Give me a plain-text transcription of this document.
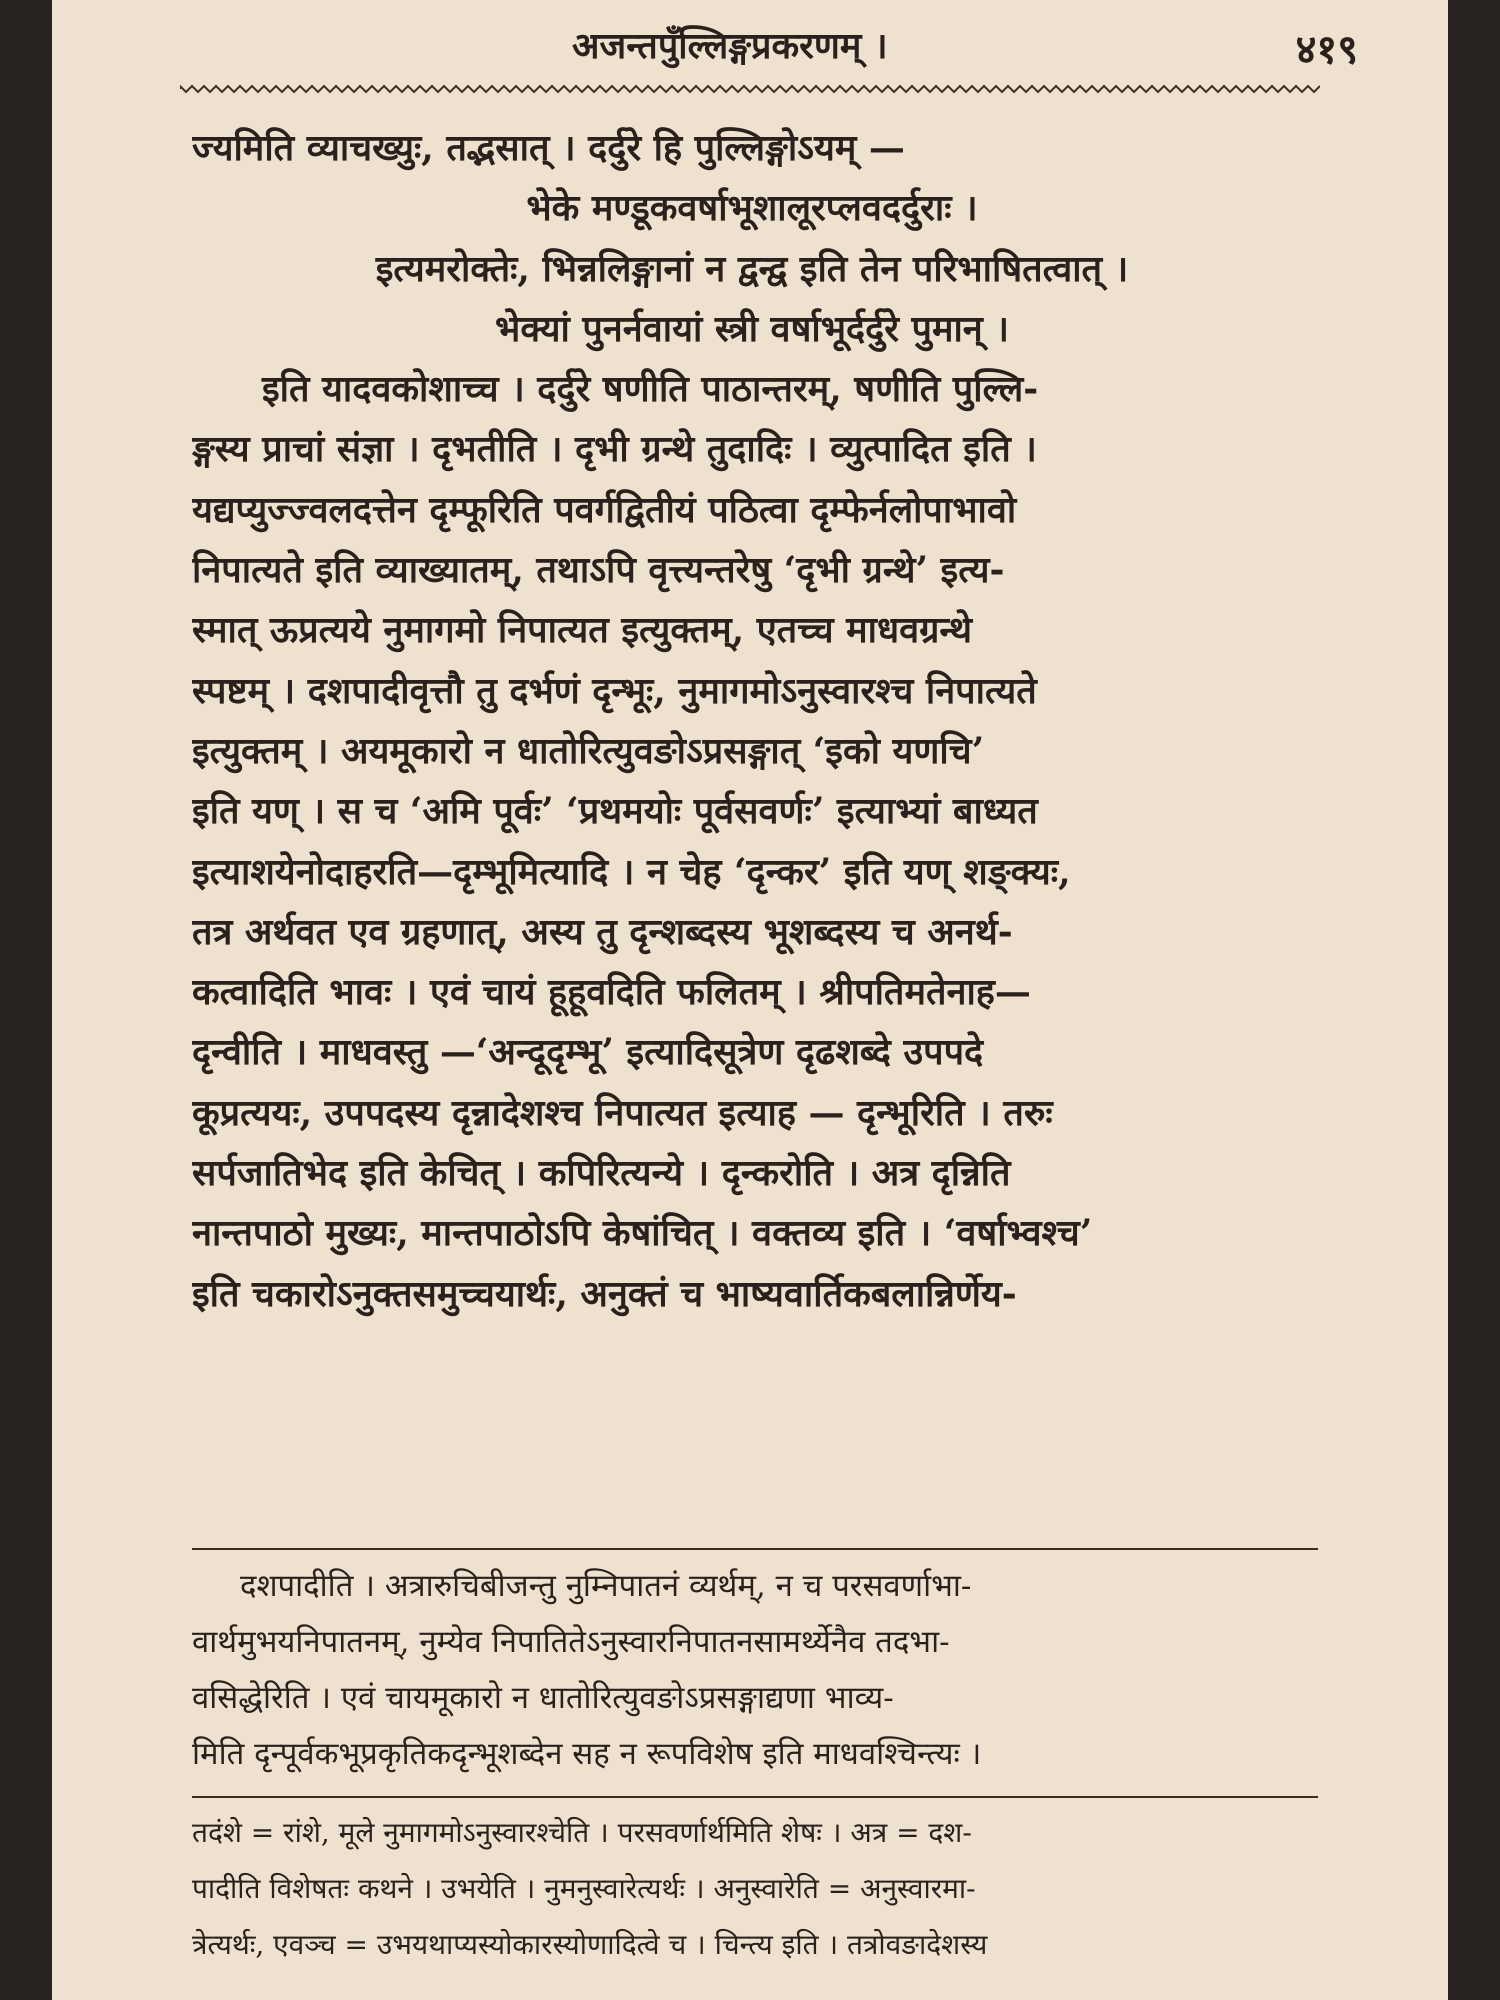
अजन्तपुँल्लिङ्गप्रकरणम् ।	४१९
ज्यमिति व्याचख्युः, तद्भसात् । दर्दुरे हि पुल्लिङ्गोऽयम् —
भेके मण्डूकवर्षाभूशालूरप्लवदर्दुराः ।
इत्यमरोक्तेः, भिन्नलिङ्गानां न द्वन्द्व इति तेन परिभाषितत्वात् ।
भेक्यां पुनर्नवायां स्त्री वर्षाभूर्दर्दुरे पुमान् ।
इति यादवकोशाच्च । दर्दुरे षणीति पाठान्तरम्, षणीति पुल्लि-
ङ्गस्य प्राचां संज्ञा । दृभतीति । दृभी ग्रन्थे तुदादिः । व्युत्पादित इति ।
यद्यप्युज्ज्वलदत्तेन दृम्फूरिति पवर्गद्वितीयं पठित्वा दृम्फेर्नलोपाभावो
निपात्यते इति व्याख्यातम्, तथाऽपि वृत्त्यन्तरेषु ‘दृभी ग्रन्थे’ इत्य-
स्मात् ऊप्रत्यये नुमागमो निपात्यत इत्युक्तम्, एतच्च माधवग्रन्थे
स्पष्टम् । दशपादीवृत्तौ तु दर्भणं दृन्भूः, नुमागमोऽनुस्वारश्च निपात्यते
इत्युक्तम् । अयमूकारो न धातोरित्युवङोऽप्रसङ्गात् ‘इको यणचि’
इति यण् । स च ‘अमि पूर्वः’ ‘प्रथमयोः पूर्वसवर्णः’ इत्याभ्यां बाध्यत
इत्याशयेनोदाहरति—दृम्भूमित्यादि । न चेह ‘दृन्कर’ इति यण् शङ्क्यः,
तत्र अर्थवत एव ग्रहणात्, अस्य तु दृन्शब्दस्य भूशब्दस्य च अनर्थ-
कत्वादिति भावः । एवं चायं हूहूवदिति फलितम् । श्रीपतिमतेनाह—
दृन्वीति । माधवस्तु —‘अन्दूदृम्भू’ इत्यादिसूत्रेण दृढशब्दे उपपदे
कूप्रत्ययः, उपपदस्य दृन्नादेशश्च निपात्यत इत्याह — दृन्भूरिति । तरुः
सर्पजातिभेद इति केचित् । कपिरित्यन्ये । दृन्करोति । अत्र दृन्निति
नान्तपाठो मुख्यः, मान्तपाठोऽपि केषांचित् । वक्तव्य इति । ‘वर्षाभ्वश्च’
इति चकारोऽनुक्तसमुच्चयार्थः, अनुक्तं च भाष्यवार्तिकबलान्निर्णेय-
दशपादीति । अत्रारुचिबीजन्तु नुम्निपातनं व्यर्थम्, न च परसवर्णाभा-
वार्थमुभयनिपातनम्, नुम्येव निपातितेऽनुस्वारनिपातनसामर्थ्येनैव तदभा-
वसिद्धेरिति । एवं चायमूकारो न धातोरित्युवङोऽप्रसङ्गाद्यणा भाव्य-
मिति दृन्पूर्वकभूप्रकृतिकदृन्भूशब्देन सह न रूपविशेष इति माधवश्चिन्त्यः ।
तदंशे = रांशे, मूले नुमागमोऽनुस्वारश्चेति । परसवर्णार्थमिति शेषः । अत्र = दश-
पादीति विशेषतः कथने । उभयेति । नुमनुस्वारेत्यर्थः । अनुस्वारेति = अनुस्वारमा-
त्रेत्यर्थः, एवञ्च = उभयथाप्यस्योकारस्योणादित्वे च । चिन्त्य इति । तत्रोवङादेशस्य
